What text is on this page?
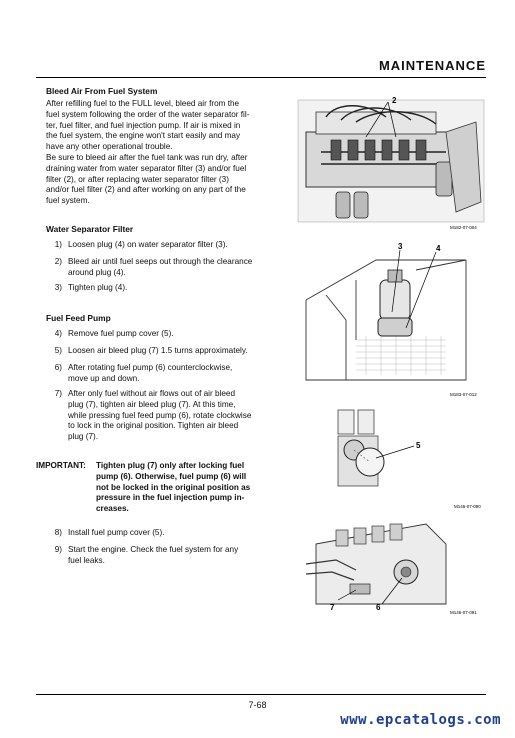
MAINTENANCE
Bleed Air From Fuel System
After refilling fuel to the FULL level, bleed air from the
fuel system following the order of the water separator fil-
ter, fuel filter, and fuel injection pump. If air is mixed in
the fuel system, the engine won't start easily and may
have any other operational trouble.
Be sure to bleed air after the fuel tank was run dry, after
draining water from water separator filter (3) and/or fuel
filter (2), or after replacing water separator filter (3)
and/or fuel filter (2) and after working on any part of the
fuel system.
Water Separator Filter
1) Loosen plug (4) on water separator filter (3).
2) Bleed air until fuel seeps out through the clearance
around plug (4).
3) Tighten plug (4).
Fuel Feed Pump
4) Remove fuel pump cover (5).
5) Loosen air bleed plug (7) 1.5 turns approximately.
6) After rotating fuel pump (6) counterclockwise,
move up and down.
7) After only fuel without air flows out of air bleed
plug (7), tighten air bleed plug (7). At this time,
while pressing fuel feed pump (6), rotate clockwise
to lock in the original position. Tighten air bleed
plug (7).
IMPORTANT: Tighten plug (7) only after locking fuel
pump (6). Otherwise, fuel pump (6) will
not be locked in the original position as
pressure in the fuel injection pump in-
creases.
8) Install fuel pump cover (5).
9) Start the engine. Check the fuel system for any
fuel leaks.
2
M182-07-004
3	4
M183-07-012
5
M146-07-090
7	6
M146-07-091
7-68
www.epcatalogs.com
